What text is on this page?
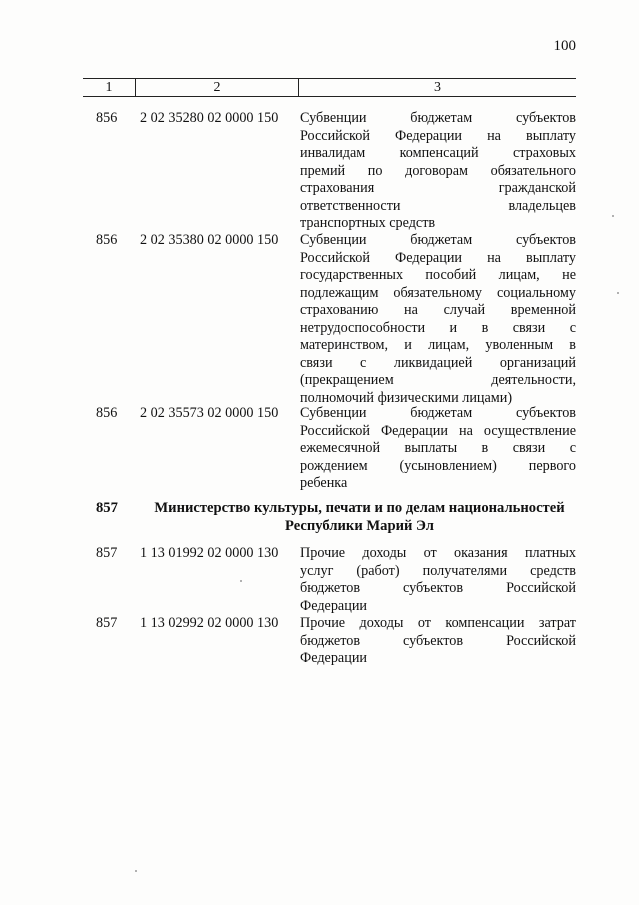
100
1	2	3
856 2 02 35280 02 0000 150 Субвенции бюджетам субъектов
Российской Федерации на выплату
инвалидам компенсаций страховых
премий по договорам обязательного
страхования гражданской
ответственности владельцев
транспортных средств
856 2 02 35380 02 0000 150 Субвенции бюджетам субъектов
Российской Федерации на выплату
государственных пособий лицам, не
подлежащим обязательному социальному
страхованию на случай временной
нетрудоспособности и в связи с
материнством, и лицам, уволенным в
связи с ликвидацией организаций
(прекращением деятельности,
полномочий физическими лицами)
856 2 02 35573 02 0000 150 Субвенции бюджетам субъектов
Российской Федерации на осуществление
ежемесячной выплаты в связи с
рождением (усыновлением) первого
ребенка
857	Министерство культуры, печати и по делам национальностей
Республики Марий Эл
857 1 13 01992 02 0000 130 Прочие доходы от оказания платных
услуг (работ) получателями средств
бюджетов субъектов Российской
Федерации
857 1 13 02992 02 0000 130 Прочие доходы от компенсации затрат
бюджетов субъектов Российской
Федерации
